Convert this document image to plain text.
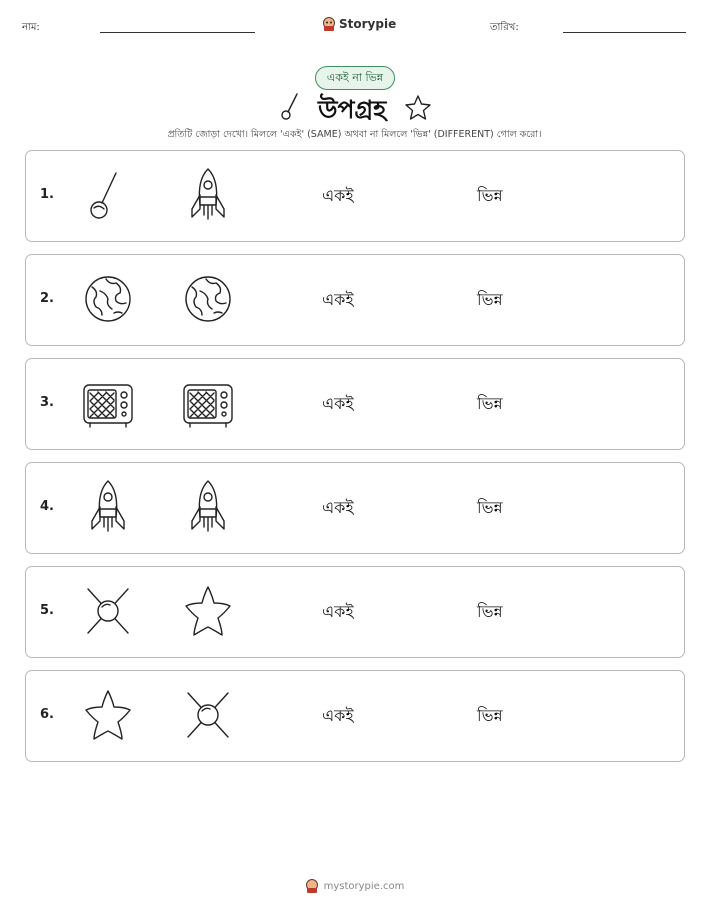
নাম:	Storypie	তারিখ:
একই না ভিন্ন
উপগ্রহ
প্রতিটি জোড়া দেখো। মিললে 'একই' (SAME) অথবা না মিললে 'ভিন্ন' (DIFFERENT) গোল করো।
1.	একই	ভিন্ন
2.	একই	ভিন্ন
3.	একই	ভিন্ন
4.	একই	ভিন্ন
5.	একই	ভিন্ন
6.	একই	ভিন্ন
mystorypie.com
